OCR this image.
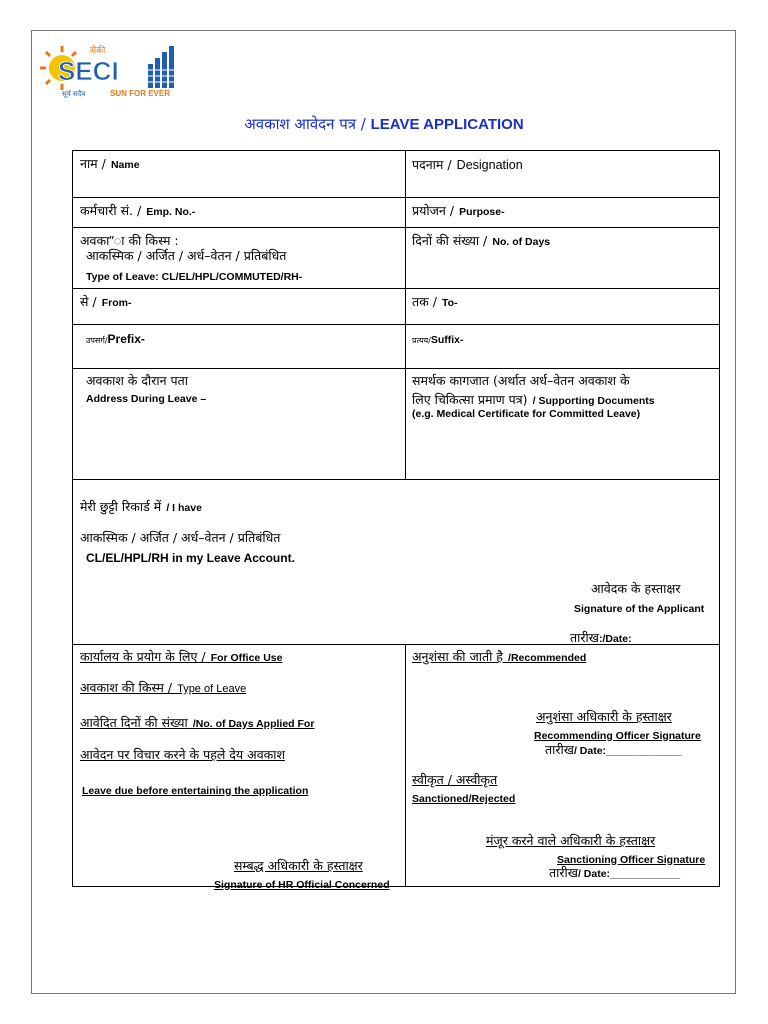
SECI
सेकी
सूर्य सदैव	SUN FOR EVER
अवकाश आवेदन पत्र / LEAVE APPLICATION
नाम / Name	पदनाम / Designation
कर्मचारी सं. / Emp. No.-	प्रयोजन / Purpose-
अवका”ा की किस्म :
आकस्मिक / अर्जित / अर्ध–वेतन / प्रतिबंधित
Type of Leave: CL/EL/HPL/COMMUTED/RH-
दिनों की संख्या / No. of Days
से / From-	तक / To-
उपसर्ग/Prefix-	प्रत्यय/Suffix-
अवकाश के दौरान पता
Address During Leave –
समर्थक कागजात (अर्थात अर्ध–वेतन अवकाश के
लिए चिकित्सा प्रमाण पत्र) / Supporting Documents
(e.g. Medical Certificate for Committed Leave)
मेरी छुट्टी रिकार्ड में / I have
आकस्मिक / अर्जित / अर्ध–वेतन / प्रतिबंधित
CL/EL/HPL/RH in my Leave Account.
आवेदक के हस्ताक्षर
Signature of the Applicant
तारीख:/Date:
कार्यालय के प्रयोग के लिए / For Office Use
अवकाश की किस्म / Type of Leave
आवेदित दिनों की संख्या /No. of Days Applied For
आवेदन पर विचार करने के पहले देय अवकाश
Leave due before entertaining the application
सम्बद्ध अधिकारी के हस्ताक्षर
Signature of HR Official Concerned
अनुशंसा की जाती है /Recommended
अनुशंसा अधिकारी के हस्ताक्षर
Recommending Officer Signature
तारीख/ Date:_____________
स्वीकृत / अस्वीकृत
Sanctioned/Rejected
मंजूर करने वाले अधिकारी के हस्ताक्षर
Sanctioning Officer Signature
तारीख/ Date:____________
